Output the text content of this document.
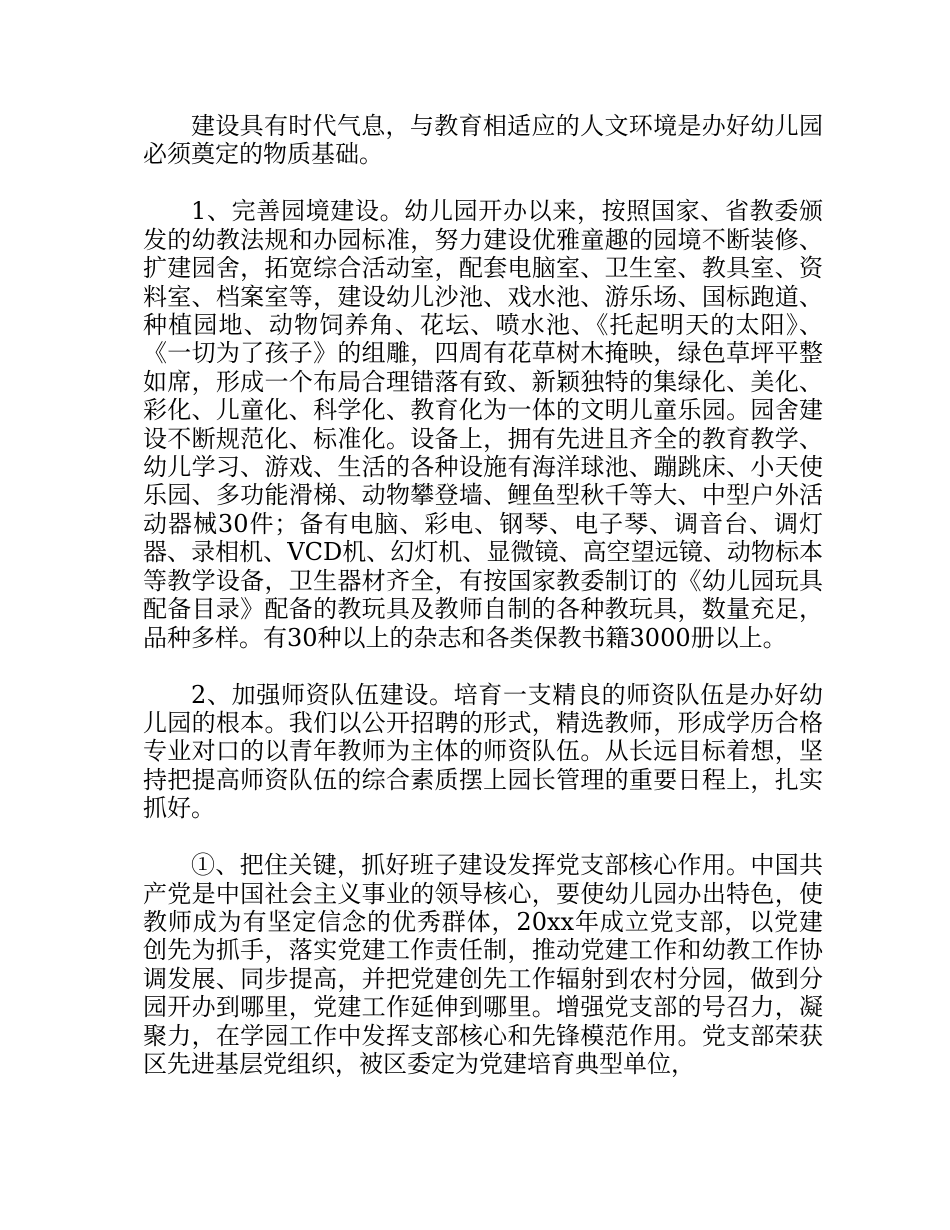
建设具有时代气息，与教育相适应的人文环境是办好幼儿园必须奠定的物质基础。

1、完善园境建设。幼儿园开办以来，按照国家、省教委颁发的幼教法规和办园标准，努力建设优雅童趣的园境不断装修、扩建园舍，拓宽综合活动室，配套电脑室、卫生室、教具室、资料室、档案室等，建设幼儿沙池、戏水池、游乐场、国标跑道、种植园地、动物饲养角、花坛、喷水池、《托起明天的太阳》、《一切为了孩子》的组雕，四周有花草树木掩映，绿色草坪平整如席，形成一个布局合理错落有致、新颖独特的集绿化、美化、彩化、儿童化、科学化、教育化为一体的文明儿童乐园。园舍建设不断规范化、标准化。设备上，拥有先进且齐全的教育教学、幼儿学习、游戏、生活的各种设施有海洋球池、蹦跳床、小天使乐园、多功能滑梯、动物攀登墙、鲤鱼型秋千等大、中型户外活动器械30件；备有电脑、彩电、钢琴、电子琴、调音台、调灯器、录相机、VCD机、幻灯机、显微镜、高空望远镜、动物标本等教学设备，卫生器材齐全，有按国家教委制订的《幼儿园玩具配备目录》配备的教玩具及教师自制的各种教玩具，数量充足，品种多样。有30种以上的杂志和各类保教书籍3000册以上。

2、加强师资队伍建设。培育一支精良的师资队伍是办好幼儿园的根本。我们以公开招聘的形式，精选教师，形成学历合格专业对口的以青年教师为主体的师资队伍。从长远目标着想，坚持把提高师资队伍的综合素质摆上园长管理的重要日程上，扎实抓好。

①、把住关键，抓好班子建设发挥党支部核心作用。中国共产党是中国社会主义事业的领导核心，要使幼儿园办出特色，使教师成为有坚定信念的优秀群体，20xx年成立党支部，以党建创先为抓手，落实党建工作责任制，推动党建工作和幼教工作协调发展、同步提高，并把党建创先工作辐射到农村分园，做到分园开办到哪里，党建工作延伸到哪里。增强党支部的号召力，凝聚力，在学园工作中发挥支部核心和先锋模范作用。党支部荣获区先进基层党组织，被区委定为党建培育典型单位，
